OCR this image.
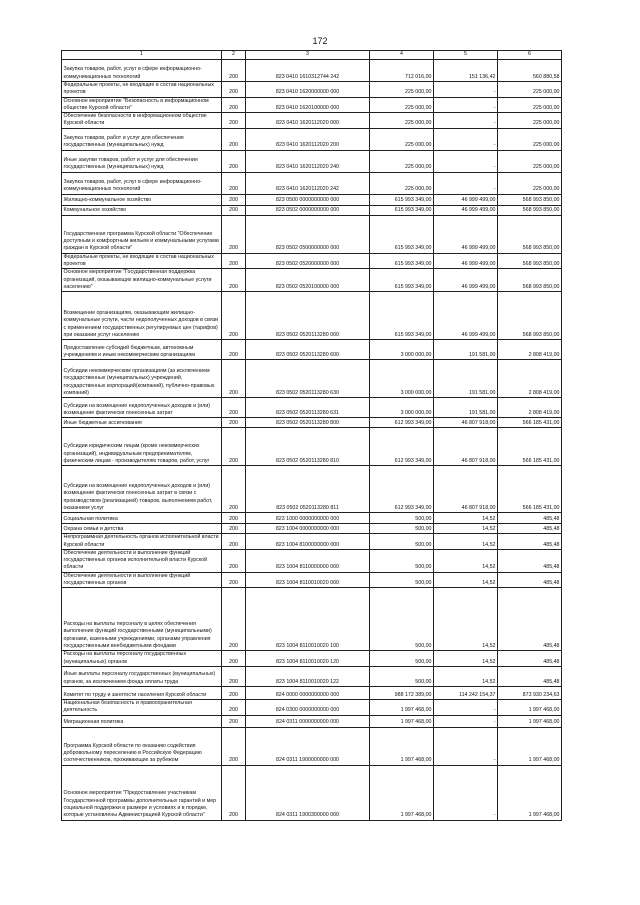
172
1	2	3	4	5	6
Закупка товаров, работ, услуг в сфере информационно-коммуникационных технологий	200	823 0410 1610312744 242	712 016,00	151 136,42	560 880,58
Федеральные проекты, не входящие в состав национальных проектов	200	823 0410 1620000000 000	225 000,00	-	225 000,00
Основное мероприятие "Безопасность в информационном обществе Курской области"	200	823 0410 1620100000 000	225 000,00	-	225 000,00
Обеспечение безопасности в информационном обществе Курской области	200	823 0410 1620112020 000	225 000,00	-	225 000,00
Закупка товаров, работ и услуг для обеспечения государственных (муниципальных) нужд	200	823 0410 1620112020 200	225 000,00	-	225 000,00
Иные закупки товаров, работ и услуг для обеспечения государственных (муниципальных) нужд	200	823 0410 1620112020 240	225 000,00	-	225 000,00
Закупка товаров, работ, услуг в сфере информационно-коммуникационных технологий	200	823 0410 1620112020 242	225 000,00	-	225 000,00
Жилищно-коммунальное хозяйство	200	823 0500 0000000000 000	615 993 349,00	46 999 499,00	568 993 850,00
Коммунальное хозяйство	200	823 0502 0000000000 000	615 993 349,00	46 999 499,00	568 993 850,00
Государственная программа Курской области "Обеспечение доступным и комфортным жильем и коммунальными услугами граждан в Курской области"	200	823 0502 0500000000 000	615 993 349,00	46 999 499,00	568 993 850,00
Федеральные проекты, не входящие в состав национальных проектов	200	823 0502 0520000000 000	615 993 349,00	46 999 499,00	568 993 850,00
Основное мероприятие "Государственная поддержка организаций, оказывающих жилищно-коммунальные услуги населению"	200	823 0502 0520100000 000	615 993 349,00	46 999 499,00	568 993 850,00
Возмещение организациям, оказывающим жилищно-коммунальные услуги, части недополученных доходов в связи с применением государственных регулируемых цен (тарифов) при оказании услуг населению	200	823 0502 0520113280 000	615 993 349,00	46 999 499,00	568 993 850,00
Предоставление субсидий бюджетным, автономным учреждениям и иным некоммерческим организациям	200	823 0502 0520113280 600	3 000 000,00	191 581,00	2 808 419,00
Субсидии некоммерческим организациям (за исключением государственных (муниципальных) учреждений, государственных корпораций(компаний), публично-правовых компаний)	200	823 0502 0520113280 630	3 000 000,00	191 581,00	2 808 419,00
Субсидии на возмещение недополученных доходов и (или) возмещение фактически понесенных затрат	200	823 0502 0520113280 631	3 000 000,00	191 581,00	2 808 419,00
Иные бюджетные ассигнования	200	823 0502 0520113280 800	612 993 349,00	46 807 918,00	566 185 431,00
Субсидии юридическим лицам (кроме некоммерческих организаций), индивидуальным предпринимателям, физическим лицам - производителям товаров, работ, услуг	200	823 0502 0520113280 810	612 993 349,00	46 807 918,00	566 185 431,00
Субсидии на возмещение недополученных доходов и (или) возмещение фактически понесенных затрат в связи с производством (реализацией) товаров, выполнением работ, оказанием услуг	200	823 0502 0520113280 811	612 993 349,00	46 807 918,00	566 185 431,00
Социальная политика	200	823 1000 0000000000 000	500,00	14,52	485,48
Охрана семьи и детства	200	823 1004 0000000000 000	500,00	14,52	485,48
Непрограммная деятельность органов исполнительной власти Курской области	200	823 1004 8100000000 000	500,00	14,52	485,48
Обеспечение деятельности и выполнение функций государственных органов исполнительной власти Курской области	200	823 1004 8110000000 000	500,00	14,52	485,48
Обеспечение деятельности и выполнение функций государственных органов	200	823 1004 8110010020 000	500,00	14,52	485,48
Расходы на выплаты персоналу в целях обеспечения выполнения функций государственными (муниципальными) органами, казенными учреждениями, органами управления государственными внебюджетными фондами	200	823 1004 8110010020 100	500,00	14,52	485,48
Расходы на выплаты персоналу государственных (муниципальных) органов	200	823 1004 8110010020 120	500,00	14,52	485,48
Иные выплаты персоналу государственных (муниципальных) органов, за исключением фонда оплаты труда	200	823 1004 8110010020 122	500,00	14,52	485,48
Комитет по труду и занятости населения Курской области	200	824 0000 0000000000 000	988 172 389,00	114 242 154,37	873 930 234,63
Национальная безопасность и правоохранительная деятельность	200	824 0300 0000000000 000	1 997 468,00	-	1 997 468,00
Миграционная политика	200	824 0311 0000000000 000	1 997 468,00	-	1 997 468,00
Программа Курской области по оказанию содействия добровольному переселению в Российскую Федерацию соотечественников, проживающих за рубежом	200	824 0311 1900000000 000	1 997 468,00	-	1 997 468,00
Основное мероприятие "Предоставление участникам Государственной программы дополнительных гарантий и мер социальной поддержки в размере и условиях и в порядке, которые установлены Администрацией Курской области"	200	824 0311 1900300000 000	1 997 468,00	-	1 997 468,00
